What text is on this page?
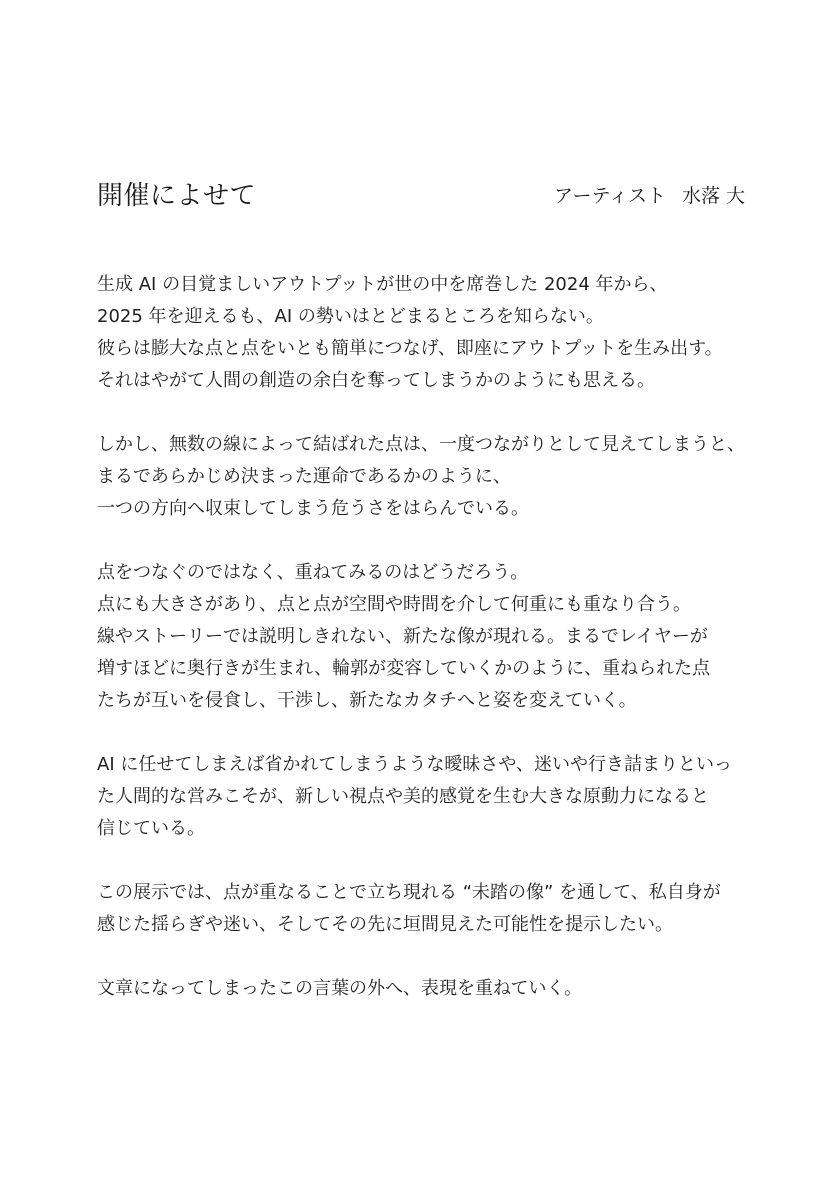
開催によせて	アーティスト 水落 大
生成 AI の目覚ましいアウトプットが世の中を席巻した 2024 年から、
2025 年を迎えるも、AI の勢いはとどまるところを知らない。
彼らは膨大な点と点をいとも簡単につなげ、即座にアウトプットを生み出す。
それはやがて人間の創造の余白を奪ってしまうかのようにも思える。
しかし、無数の線によって結ばれた点は、一度つながりとして見えてしまうと、
まるであらかじめ決まった運命であるかのように、
一つの方向へ収束してしまう危うさをはらんでいる。
点をつなぐのではなく、重ねてみるのはどうだろう。
点にも大きさがあり、点と点が空間や時間を介して何重にも重なり合う。
線やストーリーでは説明しきれない、新たな像が現れる。まるでレイヤーが
増すほどに奥行きが生まれ、輪郭が変容していくかのように、重ねられた点
たちが互いを侵食し、干渉し、新たなカタチへと姿を変えていく。
AI に任せてしまえば省かれてしまうような曖昧さや、迷いや行き詰まりといっ
た人間的な営みこそが、新しい視点や美的感覚を生む大きな原動力になると
信じている。
この展示では、点が重なることで立ち現れる “未踏の像” を通して、私自身が
感じた揺らぎや迷い、そしてその先に垣間見えた可能性を提示したい。
文章になってしまったこの言葉の外へ、表現を重ねていく。
